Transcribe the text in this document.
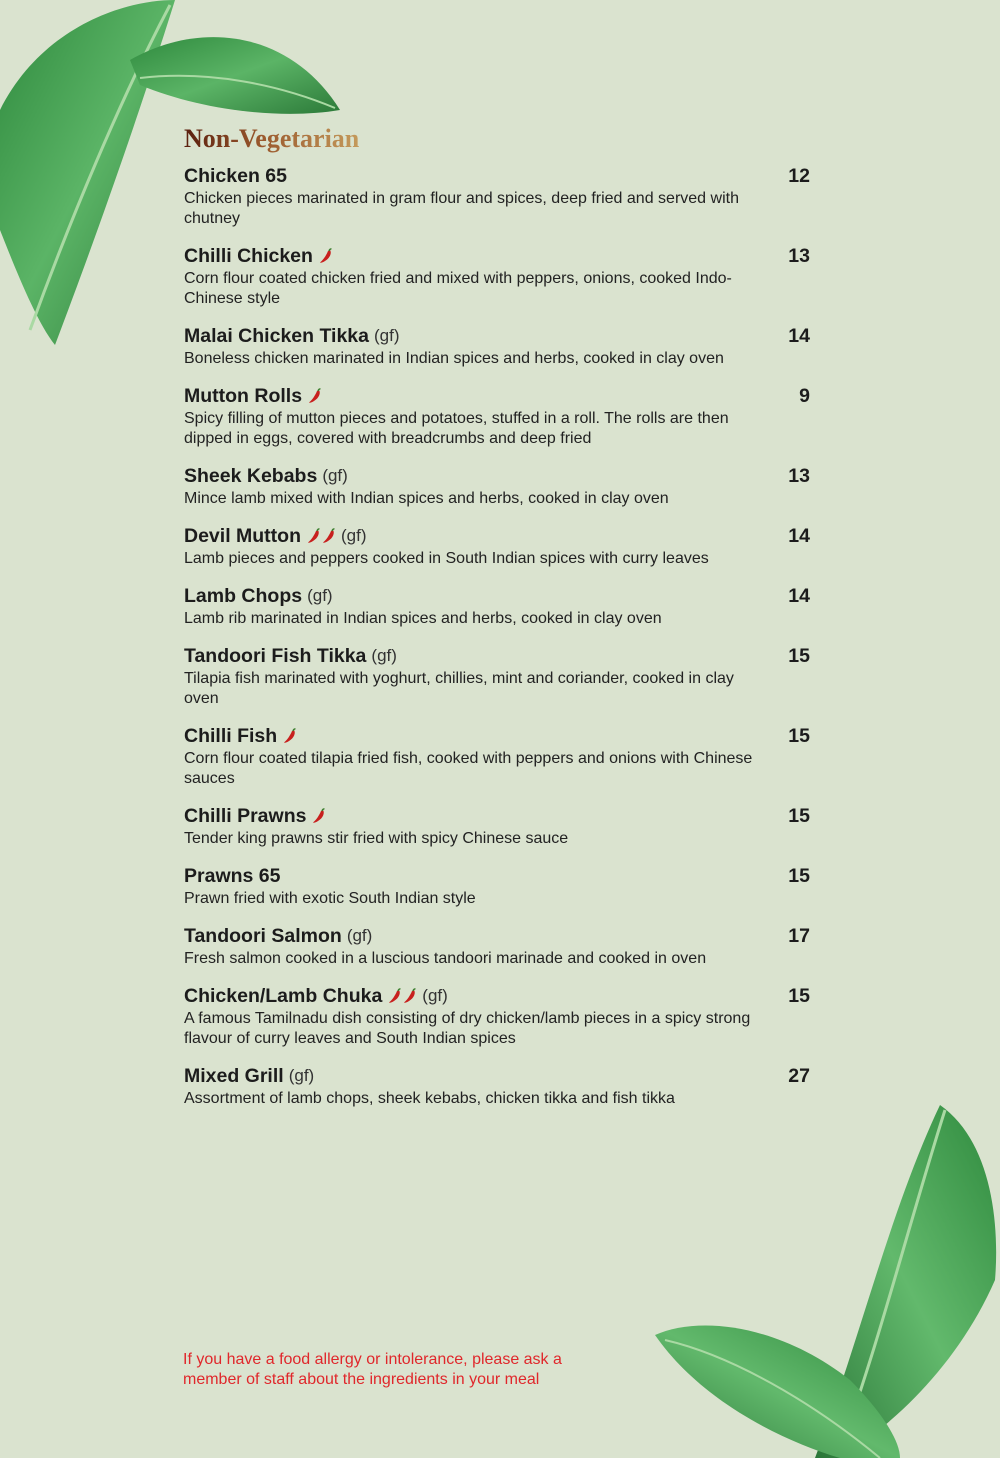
Non-Vegetarian
Chicken 65	12
Chicken pieces marinated in gram flour and spices, deep fried and served with chutney
Chilli Chicken	13
Corn flour coated chicken fried and mixed with peppers, onions, cooked Indo-Chinese style
Malai Chicken Tikka (gf)	14
Boneless chicken marinated in Indian spices and herbs, cooked in clay oven
Mutton Rolls	9
Spicy filling of mutton pieces and potatoes, stuffed in a roll. The rolls are then dipped in eggs, covered with breadcrumbs and deep fried
Sheek Kebabs (gf)	13
Mince lamb mixed with Indian spices and herbs, cooked in clay oven
Devil Mutton (gf)	14
Lamb pieces and peppers cooked in South Indian spices with curry leaves
Lamb Chops (gf)	14
Lamb rib marinated in Indian spices and herbs, cooked in clay oven
Tandoori Fish Tikka (gf)	15
Tilapia fish marinated with yoghurt, chillies, mint and coriander, cooked in clay oven
Chilli Fish	15
Corn flour coated tilapia fried fish, cooked with peppers and onions with Chinese sauces
Chilli Prawns	15
Tender king prawns stir fried with spicy Chinese sauce
Prawns 65	15
Prawn fried with exotic South Indian style
Tandoori Salmon (gf)	17
Fresh salmon cooked in a luscious tandoori marinade and cooked in oven
Chicken/Lamb Chuka (gf)	15
A famous Tamilnadu dish consisting of dry chicken/lamb pieces in a spicy strong flavour of curry leaves and South Indian spices
Mixed Grill (gf)	27
Assortment of lamb chops, sheek kebabs, chicken tikka and fish tikka
If you have a food allergy or intolerance, please ask a member of staff about the ingredients in your meal
